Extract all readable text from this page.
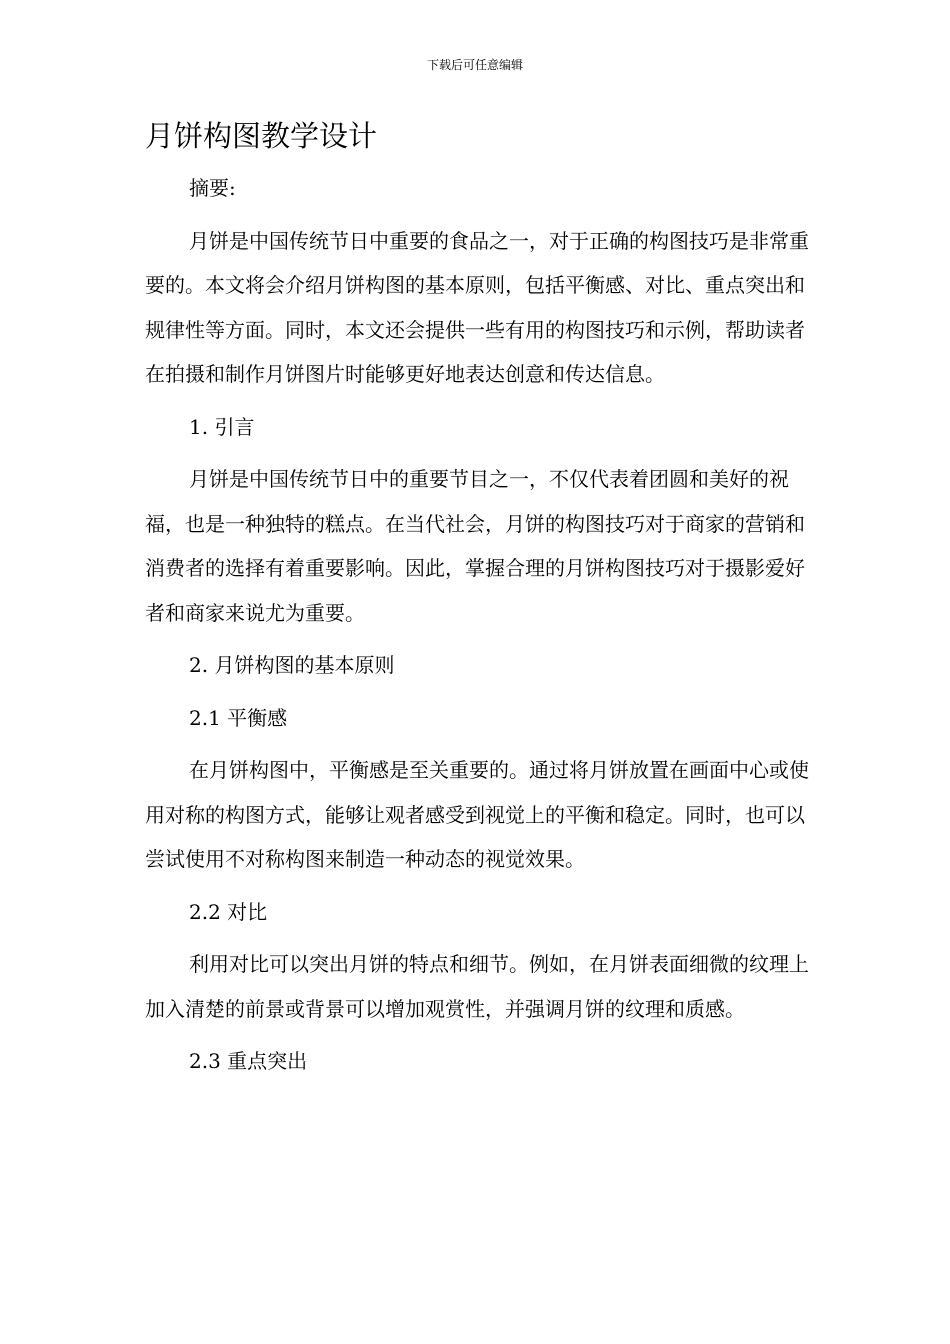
下载后可任意编辑
月饼构图教学设计

摘要:

月饼是中国传统节日中重要的食品之一，对于正确的构图技巧是非常重要的。本文将会介绍月饼构图的基本原则，包括平衡感、对比、重点突出和规律性等方面。同时，本文还会提供一些有用的构图技巧和示例，帮助读者在拍摄和制作月饼图片时能够更好地表达创意和传达信息。

1. 引言

月饼是中国传统节日中的重要节目之一，不仅代表着团圆和美好的祝福，也是一种独特的糕点。在当代社会，月饼的构图技巧对于商家的营销和消费者的选择有着重要影响。因此，掌握合理的月饼构图技巧对于摄影爱好者和商家来说尤为重要。

2. 月饼构图的基本原则

2.1 平衡感

在月饼构图中，平衡感是至关重要的。通过将月饼放置在画面中心或使用对称的构图方式，能够让观者感受到视觉上的平衡和稳定。同时，也可以尝试使用不对称构图来制造一种动态的视觉效果。

2.2 对比

利用对比可以突出月饼的特点和细节。例如，在月饼表面细微的纹理上加入清楚的前景或背景可以增加观赏性，并强调月饼的纹理和质感。

2.3 重点突出
